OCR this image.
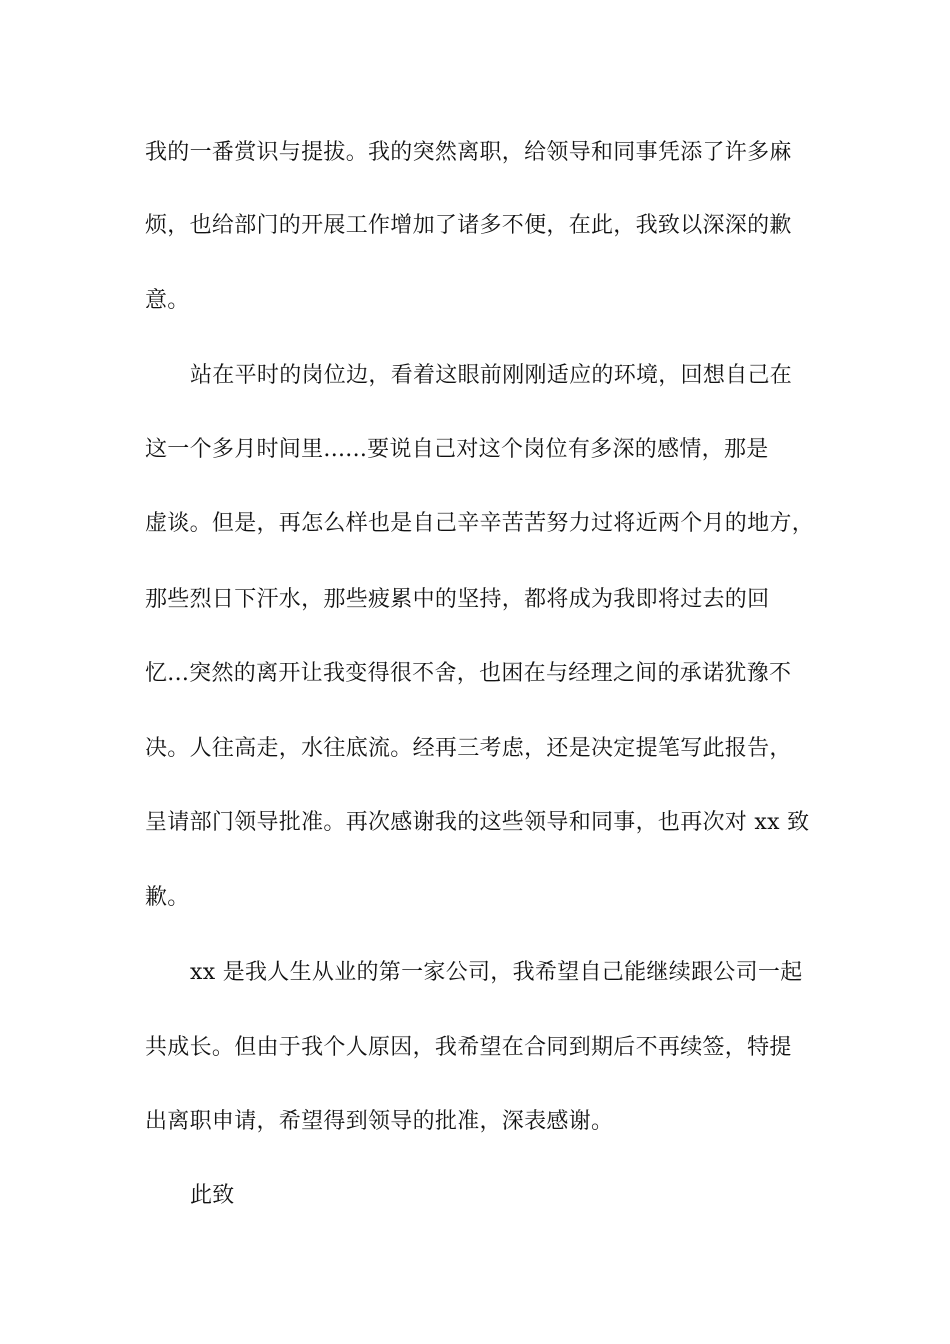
我的一番赏识与提拔。我的突然离职，给领导和同事凭添了许多麻
烦，也给部门的开展工作增加了诸多不便，在此，我致以深深的歉
意。
站在平时的岗位边，看着这眼前刚刚适应的环境，回想自己在
这一个多月时间里......要说自己对这个岗位有多深的感情，那是
虚谈。但是，再怎么样也是自己辛辛苦苦努力过将近两个月的地方，
那些烈日下汗水，那些疲累中的坚持，都将成为我即将过去的回
忆...突然的离开让我变得很不舍，也困在与经理之间的承诺犹豫不
决。人往高走，水往底流。经再三考虑，还是决定提笔写此报告，
呈请部门领导批准。再次感谢我的这些领导和同事，也再次对 xx 致
歉。
xx 是我人生从业的第一家公司，我希望自己能继续跟公司一起
共成长。但由于我个人原因，我希望在合同到期后不再续签，特提
出离职申请，希望得到领导的批准，深表感谢。
此致
